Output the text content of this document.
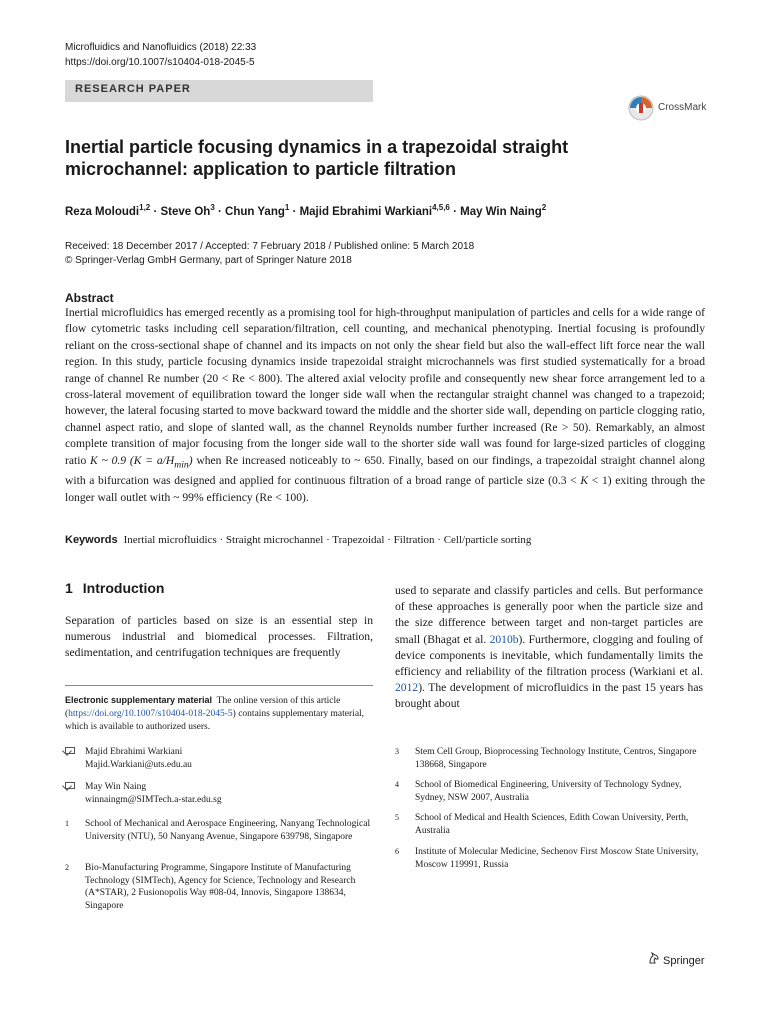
Microfluidics and Nanofluidics (2018) 22:33
https://doi.org/10.1007/s10404-018-2045-5
RESEARCH PAPER
CrossMark
Inertial particle focusing dynamics in a trapezoidal straight microchannel: application to particle filtration
Reza Moloudi$^{1,2}$ · Steve $Oh^3$ · Chun Yang$^1$ · Majid Ebrahimi Warkiani$^{4,5,6}$ · May Win Naing$^2$
Received: 18 December 2017 / Accepted: 7 February 2018 / Published online: 5 March 2018
© Springer-Verlag GmbH Germany, part of Springer Nature 2018
Abstract
Inertial microfluidics has emerged recently as a promising tool for high-throughput manipulation of particles and cells for a wide range of flow cytometric tasks including cell separation/filtration, cell counting, and mechanical phenotyping. Inertial focusing is profoundly reliant on the cross-sectional shape of channel and its impacts on not only the shear field but also the wall-effect lift force near the wall region. In this study, particle focusing dynamics inside trapezoidal straight microchannels was first studied systematically for a broad range of channel Re number (20 < Re < 800). The altered axial velocity profile and consequently new shear force arrangement led to a cross-lateral movement of equilibration toward the longer side wall when the rectangular straight channel was changed to a trapezoid; however, the lateral focusing started to move backward toward the middle and the shorter side wall, depending on particle clogging ratio, channel aspect ratio, and slope of slanted wall, as the channel Reynolds number further increased (Re > 50). Remarkably, an almost complete transition of major focusing from the longer side wall to the shorter side wall was found for large-sized particles of clogging ratio K ~ 0.9 $(K = a/H_{min})$ when Re increased noticeably to ~ 650. Finally, based on our findings, a trapezoidal straight channel along with a bifurcation was designed and applied for continuous filtration of a broad range of particle size (0.3 < K < 1) exiting through the longer wall outlet with ~ 99% efficiency (Re < 100).
Keywords Inertial microfluidics · Straight microchannel · Trapezoidal · Filtration · Cell/particle sorting
1 Introduction
Separation of particles based on size is an essential step in numerous industrial and biomedical processes. Filtration, sedimentation, and centrifugation techniques are frequently
used to separate and classify particles and cells. But performance of these approaches is generally poor when the particle size and the size difference between target and non-target particles are small (Bhagat et al. 2010b). Furthermore, clogging and fouling of device components is inevitable, which fundamentally limits the efficiency and reliability of the filtration process (Warkiani et al. 2012). The development of microfluidics in the past 15 years has brought about
Electronic supplementary material The online version of this article (https://doi.org/10.1007/s10404-018-2045-5) contains supplementary material, which is available to authorized users.
Majid Ebrahimi Warkiani
Majid.Warkiani@uts.edu.au
May Win Naing
winnaingm@SIMTech.a-star.edu.sg
1 School of Mechanical and Aerospace Engineering, Nanyang Technological University (NTU), 50 Nanyang Avenue, Singapore 639798, Singapore
2 Bio-Manufacturing Programme, Singapore Institute of Manufacturing Technology (SIMTech), Agency for Science, Technology and Research (A*STAR), 2 Fusionopolis Way #08-04, Innovis, Singapore 138634, Singapore
3 Stem Cell Group, Bioprocessing Technology Institute, Centros, Singapore 138668, Singapore
4 School of Biomedical Engineering, University of Technology Sydney, Sydney, NSW 2007, Australia
5 School of Medical and Health Sciences, Edith Cowan University, Perth, Australia
6 Institute of Molecular Medicine, Sechenov First Moscow State University, Moscow 119991, Russia
Springer
